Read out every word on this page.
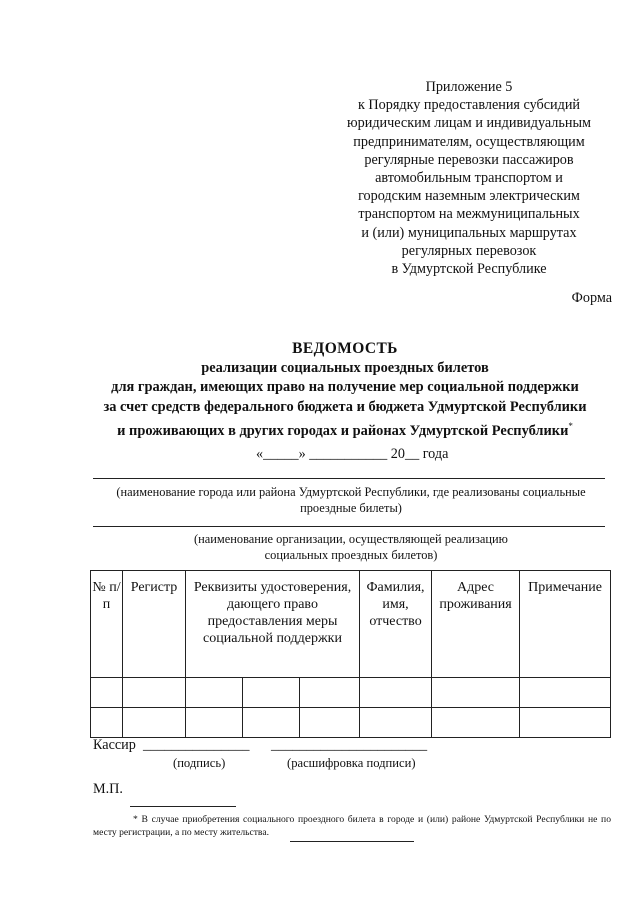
Приложение 5
к Порядку предоставления субсидий
юридическим лицам и индивидуальным
предпринимателям, осуществляющим
регулярные перевозки пассажиров
автомобильным транспортом и
городским наземным электрическим
транспортом на межмуниципальных
и (или) муниципальных маршрутах
регулярных перевозок
в Удмуртской Республике
Форма
ВЕДОМОСТЬ
реализации социальных проездных билетов
для граждан, имеющих право на получение мер социальной поддержки
за счет средств федерального бюджета и бюджета Удмуртской Республики
и проживающих в других городах и районах Удмуртской Республики*
«_____» ___________ 20__ года
(наименование города или района Удмуртской Республики, где реализованы социальные проездные билеты)
(наименование организации, осуществляющей реализацию
социальных проездных билетов)
№ п/п	Регистр	Реквизиты удостоверения, дающего право предоставления меры социальной поддержки			Фамилия, имя, отчество	Адрес проживания	Примечание

Кассир _______________ ______________________
(подпись)	(расшифровка подписи)
М.П.
* В случае приобретения социального проездного билета в городе и (или) районе Удмуртской Республики не по месту регистрации, а по месту жительства.
